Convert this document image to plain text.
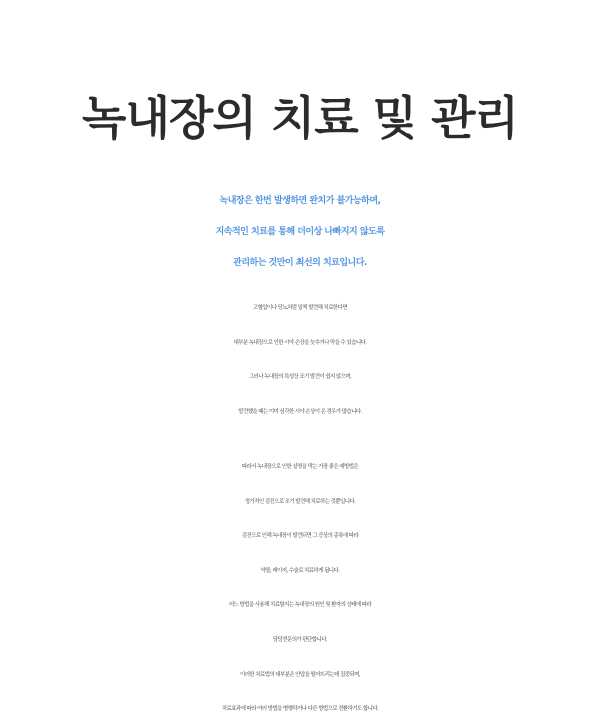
녹내장의 치료 및 관리
녹내장은 한번 발생하면 완치가 불가능하며,
지속적인 치료를 통해 더이상 나빠지지 않도록
관리하는 것만이 최선의 치료입니다.
고혈압이나 당뇨처럼 일찍 발견해 치료한다면
대부분 녹내장으로 인한 시야 손상을 늦추거나 막을 수 있습니다.
그러나 녹내장의 특성상 조기 발견이 쉽지 않으며,
발견했을 때는 이미 심각한 시야 손상이 온 경우가 많습니다.
따라서 녹내장으로 인한 실명을 막는 가장 좋은 예방법은
정기적인 검진으로 조기 발견해 치료하는 것뿐입니다.
검진으로 인해 녹내장이 발견되면 그 증상의 종류에 따라
약물, 레이저, 수술로 치료하게 됩니다.
어느 방법을 사용해 치료할지는 녹내장의 원인 및 환자의 상태에 따라
담당전문의가 판단합니다.
이러한 치료법의 대부분은 안압을 떨어뜨리는데 집중되며,
치료효과에 따라 여러 방법을 병행하거나 다른 방법으로 전환하기도 합니다.
